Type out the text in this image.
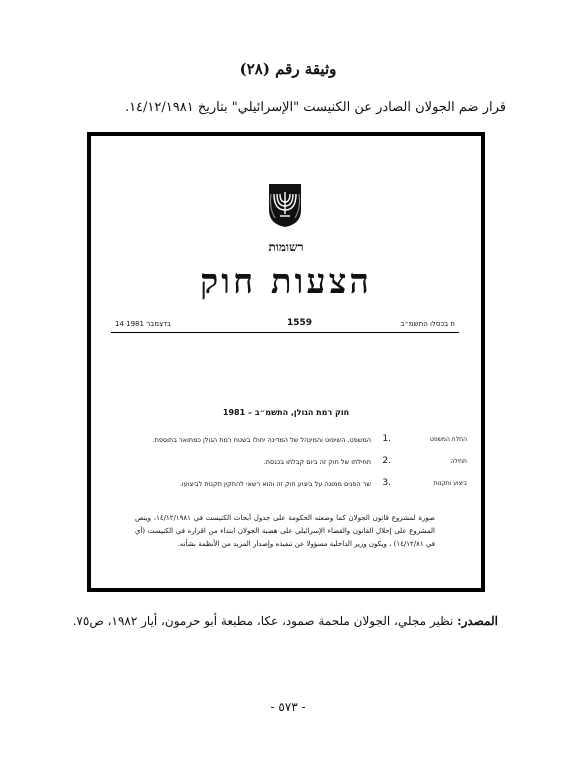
وثيقة رقم (٢٨)
قرار ضم الجولان الصادر عن الكنيست "الإسرائيلي" بتاريخ ١٤/١٢/١٩٨١.
רשומות
הצעות חוק
14 בדצמבר 1981	1559	ח בכסלו התשמ״ב
חוק רמת הגולן, התשמ״ב – 1981
החלת המשפט
1.
המשפט, השיפוט והמינהל של המדינה יחולו בשטח רמת הגולן כמתואר בתוספת.
תחילה
2.
תחילתו של חוק זה ביום קבלתו בכנסת.
ביצוע ותקנות
3.
שר הפנים ממונה על ביצוע חוק זה והוא רשאי להתקין תקנות לביצועו.
صورة لمشروع قانون الجولان كما وضعته الحكومة على جدول أبحاث الكنيست في ١٤/١٢/١٩٨١، وينص المشروع على إحلال القانون والقضاء الإسرائيلي على هضبة الجولان ابتداء من اقراره في الكنيست (أي في ١٤/١٢/٨١) ، ويكون وزير الداخلية مسؤولا عن تنفيذه وإصدار المزيد من الأنظمة بشأنه.
المصدر: نظير مجلي، الجولان ملحمة صمود، عكا، مطبعة أبو حرمون، أيار ١٩٨٢، ص٧٥.
- ٥٧٣ -
